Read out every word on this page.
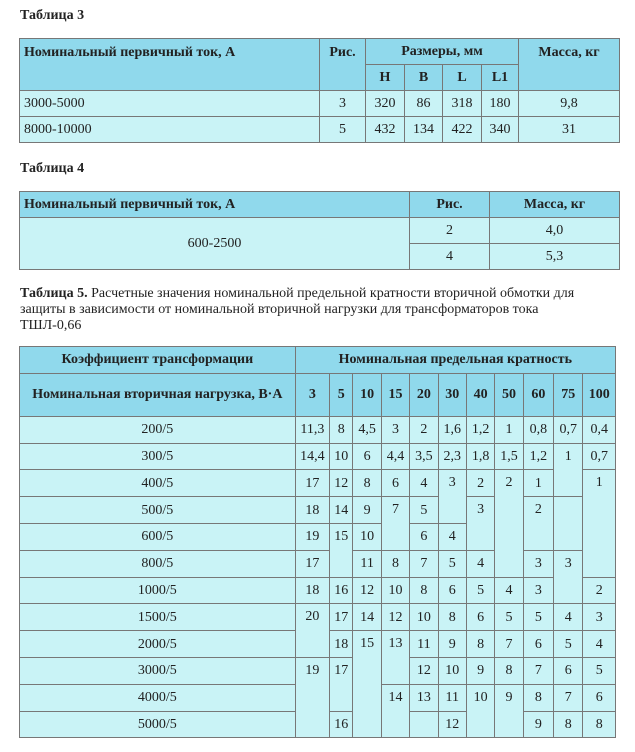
Таблица 3
Номинальный первичный ток, А	Рис.	Размеры, мм				Масса, кг
		H	B	L	L1	
3000-5000	3	320	86	318	180	9,8
8000-10000	5	432	134	422	340	31
Таблица 4
Номинальный первичный ток, А	Рис.	Масса, кг
600-2500	2	4,0
	4	5,3
Таблица 5. Расчетные значения номинальной предельной кратности вторичной обмотки для
защиты в зависимости от номинальной вторичной нагрузки для трансформаторов тока
ТШЛ-0,66
Коэффициент трансформации	Номинальная предельная кратность										
Номинальная вторичная нагрузка, В·А	3	5	10	15	20	30	40	50	60	75	100
200/5	11,3	8	4,5	3	2	1,6	1,2	1	0,8	0,7	0,4
300/5	14,4	10	6	4,4	3,5	2,3	1,8	1,5	1,2	1	0,7
400/5	17	12	8	6	4	3	2	2	1		1
500/5	18	14	9	7	5		3		2		
600/5	19	15	10		6	4					
800/5	17		11	8	7	5	4		3	3	
1000/5	18	16	12	10	8	6	5	4	3		2
1500/5	20	17	14	12	10	8	6	5	5	4	3
2000/5		18	15	13	11	9	8	7	6	5	4
3000/5	19	17			12	10	9	8	7	6	5
4000/5				14	13	11	10	9	8	7	6
5000/5		16				12			9	8	8
